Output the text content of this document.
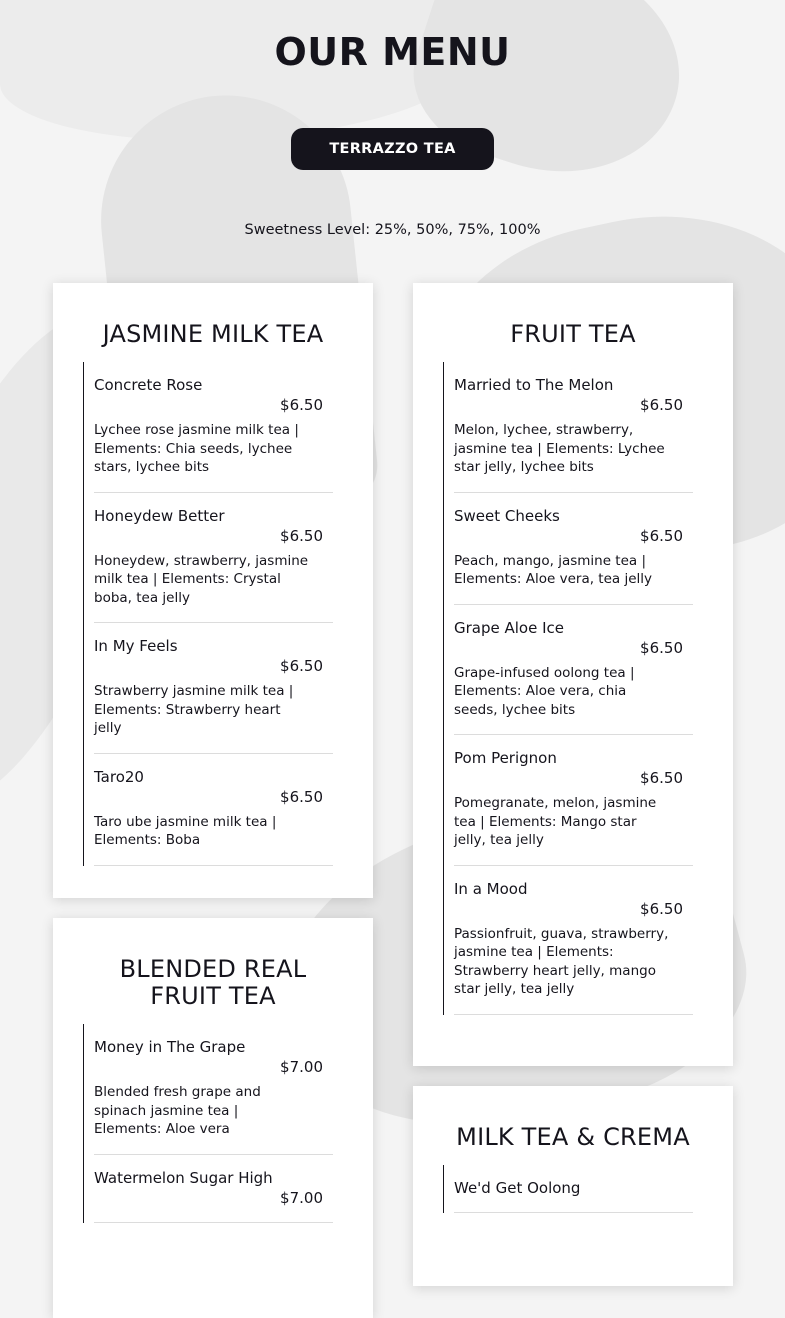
OUR MENU
TERRAZZO TEA
Sweetness Level: 25%, 50%, 75%, 100%
JASMINE MILK TEA
Concrete Rose
$6.50
Lychee rose jasmine milk tea | Elements: Chia seeds, lychee stars, lychee bits
Honeydew Better
$6.50
Honeydew, strawberry, jasmine milk tea | Elements: Crystal boba, tea jelly
In My Feels
$6.50
Strawberry jasmine milk tea | Elements: Strawberry heart jelly
Taro20
$6.50
Taro ube jasmine milk tea | Elements: Boba
FRUIT TEA
Married to The Melon
$6.50
Melon, lychee, strawberry, jasmine tea | Elements: Lychee star jelly, lychee bits
Sweet Cheeks
$6.50
Peach, mango, jasmine tea | Elements: Aloe vera, tea jelly
Grape Aloe Ice
$6.50
Grape-infused oolong tea | Elements: Aloe vera, chia seeds, lychee bits
Pom Perignon
$6.50
Pomegranate, melon, jasmine tea | Elements: Mango star jelly, tea jelly
In a Mood
$6.50
Passionfruit, guava, strawberry, jasmine tea | Elements: Strawberry heart jelly, mango star jelly, tea jelly
BLENDED REAL
FRUIT TEA
Money in The Grape
$7.00
Blended fresh grape and spinach jasmine tea | Elements: Aloe vera
Watermelon Sugar High
$7.00
MILK TEA & CREMA
We'd Get Oolong
